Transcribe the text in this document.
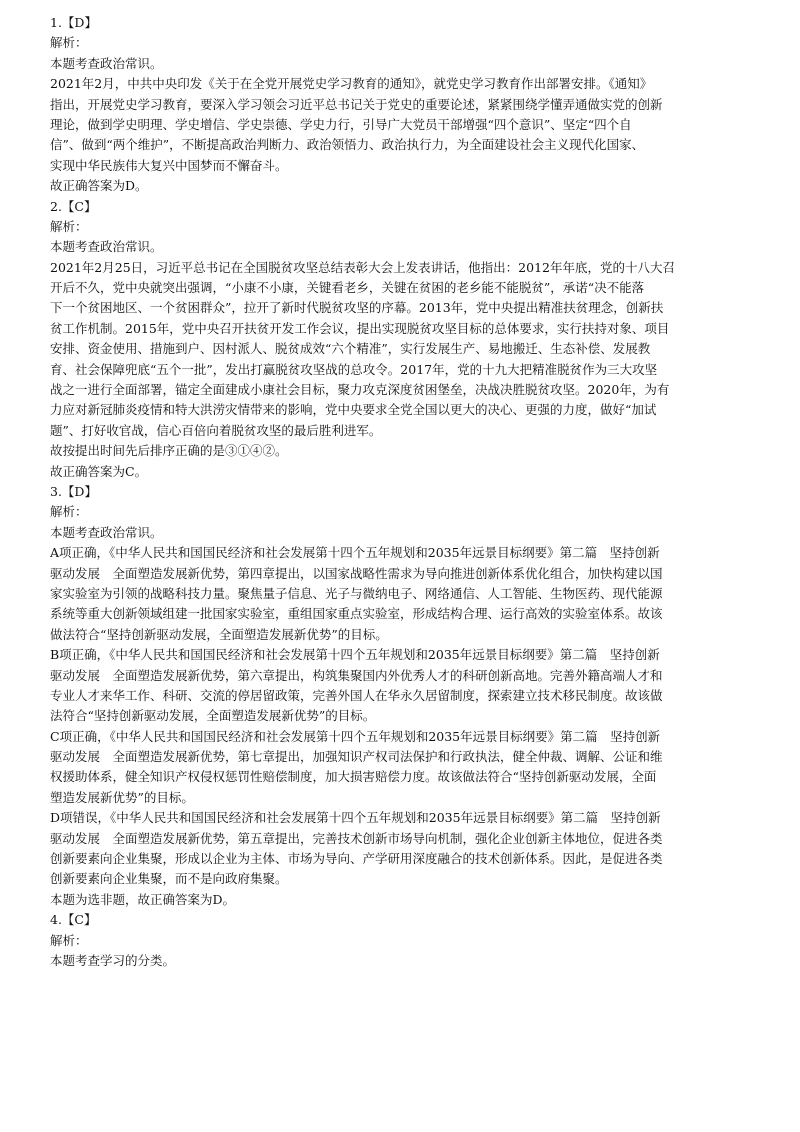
1.【D】
解析：
本题考查政治常识。
2021年2月，中共中央印发《关于在全党开展党史学习教育的通知》，就党史学习教育作出部署安排。《通知》
指出，开展党史学习教育，要深入学习领会习近平总书记关于党史的重要论述，紧紧围绕学懂弄通做实党的创新
理论，做到学史明理、学史增信、学史崇德、学史力行，引导广大党员干部增强“四个意识”、坚定“四个自
信”、做到“两个维护”，不断提高政治判断力、政治领悟力、政治执行力，为全面建设社会主义现代化国家、
实现中华民族伟大复兴中国梦而不懈奋斗。
故正确答案为D。
2.【C】
解析：
本题考查政治常识。
2021年2月25日，习近平总书记在全国脱贫攻坚总结表彰大会上发表讲话，他指出：2012年年底，党的十八大召
开后不久，党中央就突出强调，“小康不小康，关键看老乡，关键在贫困的老乡能不能脱贫”，承诺“决不能落
下一个贫困地区、一个贫困群众”，拉开了新时代脱贫攻坚的序幕。2013年，党中央提出精准扶贫理念，创新扶
贫工作机制。2015年，党中央召开扶贫开发工作会议，提出实现脱贫攻坚目标的总体要求，实行扶持对象、项目
安排、资金使用、措施到户、因村派人、脱贫成效“六个精准”，实行发展生产、易地搬迁、生态补偿、发展教
育、社会保障兜底“五个一批”，发出打赢脱贫攻坚战的总攻令。2017年，党的十九大把精准脱贫作为三大攻坚
战之一进行全面部署，锚定全面建成小康社会目标，聚力攻克深度贫困堡垒，决战决胜脱贫攻坚。2020年，为有
力应对新冠肺炎疫情和特大洪涝灾情带来的影响，党中央要求全党全国以更大的决心、更强的力度，做好“加试
题”、打好收官战，信心百倍向着脱贫攻坚的最后胜利进军。
故按提出时间先后排序正确的是③①④②。
故正确答案为C。
3.【D】
解析：
本题考查政治常识。
A项正确，《中华人民共和国国民经济和社会发展第十四个五年规划和2035年远景目标纲要》第二篇　坚持创新
驱动发展　全面塑造发展新优势，第四章提出，以国家战略性需求为导向推进创新体系优化组合，加快构建以国
家实验室为引领的战略科技力量。聚焦量子信息、光子与微纳电子、网络通信、人工智能、生物医药、现代能源
系统等重大创新领域组建一批国家实验室，重组国家重点实验室，形成结构合理、运行高效的实验室体系。故该
做法符合“坚持创新驱动发展，全面塑造发展新优势”的目标。
B项正确，《中华人民共和国国民经济和社会发展第十四个五年规划和2035年远景目标纲要》第二篇　坚持创新
驱动发展　全面塑造发展新优势，第六章提出，构筑集聚国内外优秀人才的科研创新高地。完善外籍高端人才和
专业人才来华工作、科研、交流的停居留政策，完善外国人在华永久居留制度，探索建立技术移民制度。故该做
法符合“坚持创新驱动发展，全面塑造发展新优势”的目标。
C项正确，《中华人民共和国国民经济和社会发展第十四个五年规划和2035年远景目标纲要》第二篇　坚持创新
驱动发展　全面塑造发展新优势，第七章提出，加强知识产权司法保护和行政执法，健全仲裁、调解、公证和维
权援助体系，健全知识产权侵权惩罚性赔偿制度，加大损害赔偿力度。故该做法符合“坚持创新驱动发展，全面
塑造发展新优势”的目标。
D项错误，《中华人民共和国国民经济和社会发展第十四个五年规划和2035年远景目标纲要》第二篇　坚持创新
驱动发展　全面塑造发展新优势，第五章提出，完善技术创新市场导向机制，强化企业创新主体地位，促进各类
创新要素向企业集聚，形成以企业为主体、市场为导向、产学研用深度融合的技术创新体系。因此，是促进各类
创新要素向企业集聚，而不是向政府集聚。
本题为选非题，故正确答案为D。
4.【C】
解析：
本题考查学习的分类。
